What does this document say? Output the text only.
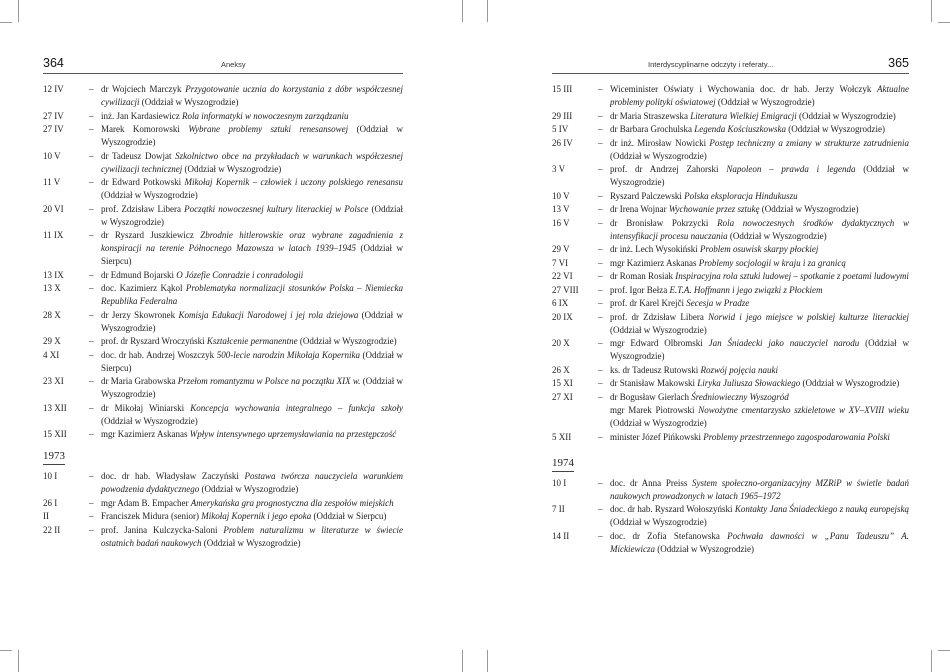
364	Aneksy
12 IV	– dr Wojciech Marczyk Przygotowanie ucznia do korzystania z dóbr współczesnej cywilizacji (Oddział w Wyszogrodzie)
27 IV	– inż. Jan Kardasiewicz Rola informatyki w nowoczesnym zarządzaniu
27 IV	– Marek Komorowski Wybrane problemy sztuki renesansowej (Oddział w Wyszogrodzie)
10 V	– dr Tadeusz Dowjat Szkolnictwo obce na przykładach w warunkach współczesnej cywilizacji technicznej (Oddział w Wyszogrodzie)
11 V	– dr Edward Potkowski Mikołaj Kopernik – człowiek i uczony polskiego renesansu (Oddział w Wyszogrodzie)
20 VI	– prof. Zdzisław Libera Początki nowoczesnej kultury literackiej w Polsce (Oddział w Wyszogrodzie)
11 IX	– dr Ryszard Juszkiewicz Zbrodnie hitlerowskie oraz wybrane zagadnienia z konspiracji na terenie Północnego Mazowsza w latach 1939–1945 (Oddział w Sierpcu)
13 IX	– dr Edmund Bojarski O Józefie Conradzie i conradologii
13 X	– doc. Kazimierz Kąkol Problematyka normalizacji stosunków Polska – Niemiecka Republika Federalna
28 X	– dr Jerzy Skowronek Komisja Edukacji Narodowej i jej rola dziejowa (Oddział w Wyszogrodzie)
29 X	– prof. dr Ryszard Wroczyński Kształcenie permanentne (Oddział w Wyszogrodzie)
4 XI	– doc. dr hab. Andrzej Woszczyk 500-lecie narodzin Mikołaja Kopernika (Oddział w Sierpcu)
23 XI	– dr Maria Grabowska Przełom romantyzmu w Polsce na początku XIX w. (Oddział w Wyszogrodzie)
13 XII	– dr Mikołaj Winiarski Koncepcja wychowania integralnego – funkcja szkoły (Oddział w Wyszogrodzie)
15 XII	– mgr Kazimierz Askanas Wpływ intensywnego uprzemysławiania na przestępczość
1973
10 I	– doc. dr hab. Władysław Zaczyński Postawa twórcza nauczyciela warunkiem powodzenia dydaktycznego (Oddział w Wyszogrodzie)
26 I	– mgr Adam B. Empacher Amerykańska gra prognostyczna dla zespołów miejskich
II	– Franciszek Midura (senior) Mikołaj Kopernik i jego epoka (Oddział w Sierpcu)
22 II	– prof. Janina Kulczycka-Saloni Problem naturalizmu w literaturze w świecie ostatnich badań naukowych (Oddział w Wyszogrodzie)
Interdyscyplinarne odczyty i referaty...	365
15 III	– Wiceminister Oświaty i Wychowania doc. dr hab. Jerzy Wołczyk Aktualne problemy polityki oświatowej (Oddział w Wyszogrodzie)
29 III	– dr Maria Straszewska Literatura Wielkiej Emigracji (Oddział w Wyszogrodzie)
5 IV	– dr Barbara Grochulska Legenda Kościuszkowska (Oddział w Wyszogrodzie)
26 IV	– dr inż. Mirosław Nowicki Postęp techniczny a zmiany w strukturze zatrudnienia (Oddział w Wyszogrodzie)
3 V	– prof. dr Andrzej Zahorski Napoleon – prawda i legenda (Oddział w Wyszogrodzie)
10 V	– Ryszard Palczewski Polska eksploracja Hindukuszu
13 V	– dr Irena Wojnar Wychowanie przez sztukę (Oddział w Wyszogrodzie)
16 V	– dr Bronisław Pokrzycki Rola nowoczesnych środków dydaktycznych w intensyfikacji procesu nauczania (Oddział w Wyszogrodzie)
29 V	– dr inż. Lech Wysokiński Problem osuwisk skarpy płockiej
7 VI	– mgr Kazimierz Askanas Problemy socjologii w kraju i za granicą
22 VI	– dr Roman Rosiak Inspiracyjna rola sztuki ludowej – spotkanie z poetami ludowymi
27 VIII	– prof. Igor Bełza E.T.A. Hoffmann i jego związki z Płockiem
6 IX	– prof. dr Karel Krejči Secesja w Pradze
20 IX	– prof. dr Zdzisław Libera Norwid i jego miejsce w polskiej kulturze literackiej (Oddział w Wyszogrodzie)
20 X	– mgr Edward Olbromski Jan Śniadecki jako nauczyciel narodu (Oddział w Wyszogrodzie)
26 X	– ks. dr Tadeusz Rutowski Rozwój pojęcia nauki
15 XI	– dr Stanisław Makowski Liryka Juliusza Słowackiego (Oddział w Wyszogrodzie)
27 XI	– dr Bogusław Gierlach Średniowieczny Wyszogród
mgr Marek Piotrowski Nowożytne cmentarzysko szkieletowe w XV–XVIII wieku (Oddział w Wyszogrodzie)
5 XII	– minister Józef Pińkowski Problemy przestrzennego zagospodarowania Polski
1974
10 I	– doc. dr Anna Preiss System społeczno-organizacyjny MZRiP w świetle badań naukowych prowadzonych w latach 1965–1972
7 II	– doc. dr hab. Ryszard Wołoszyński Kontakty Jana Śniadeckiego z nauką europejską (Oddział w Wyszogrodzie)
14 II	– doc. dr Zofia Stefanowska Pochwała dawności w „Panu Tadeuszu” A. Mickiewicza (Oddział w Wyszogrodzie)
